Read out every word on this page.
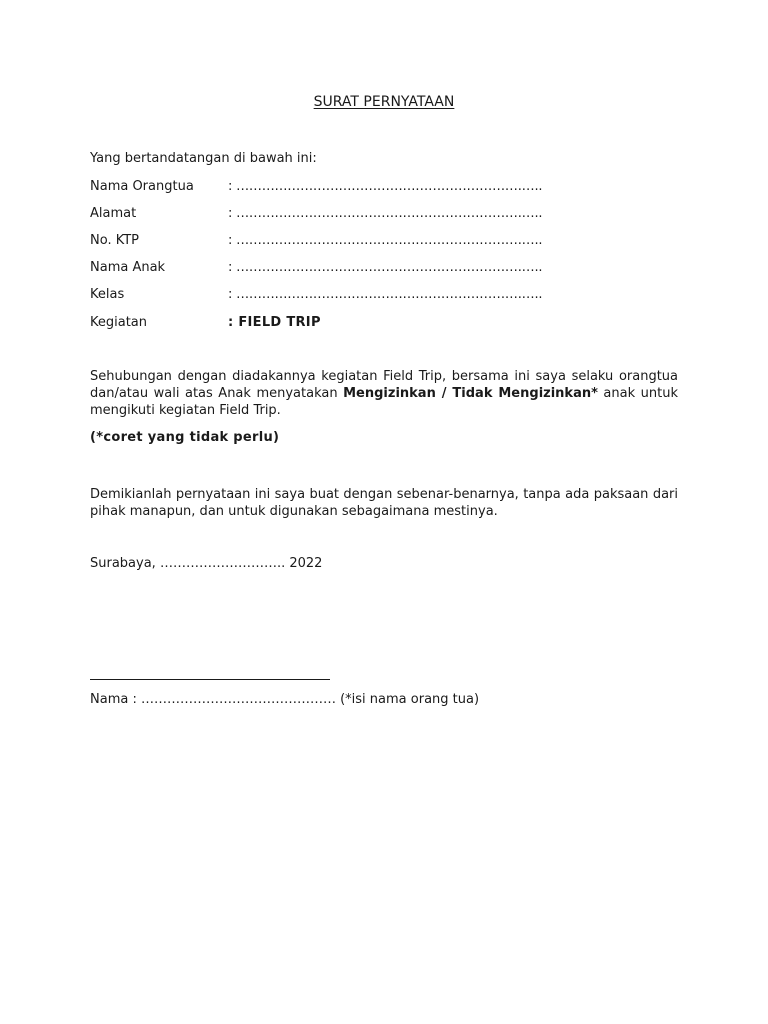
SURAT PERNYATAAN
Yang bertandatangan di bawah ini:
Nama Orangtua	: ………………………………………………………….…..
Alamat	: ………………………………………………………….…..
No. KTP	: ………………………………………………………….…..
Nama Anak	: ………………………………………………………….…..
Kelas	: ………………………………………………………….…..
Kegiatan	: FIELD TRIP
Sehubungan dengan diadakannya kegiatan Field Trip, bersama ini saya selaku orangtua dan/atau wali atas Anak menyatakan Mengizinkan / Tidak Mengizinkan* anak untuk mengikuti kegiatan Field Trip.
(*coret yang tidak perlu)
Demikianlah pernyataan ini saya buat dengan sebenar-benarnya, tanpa ada paksaan dari pihak manapun, dan untuk digunakan sebagaimana mestinya.
Surabaya, ……………………….. 2022
Nama : ……………………………………… (*isi nama orang tua)
